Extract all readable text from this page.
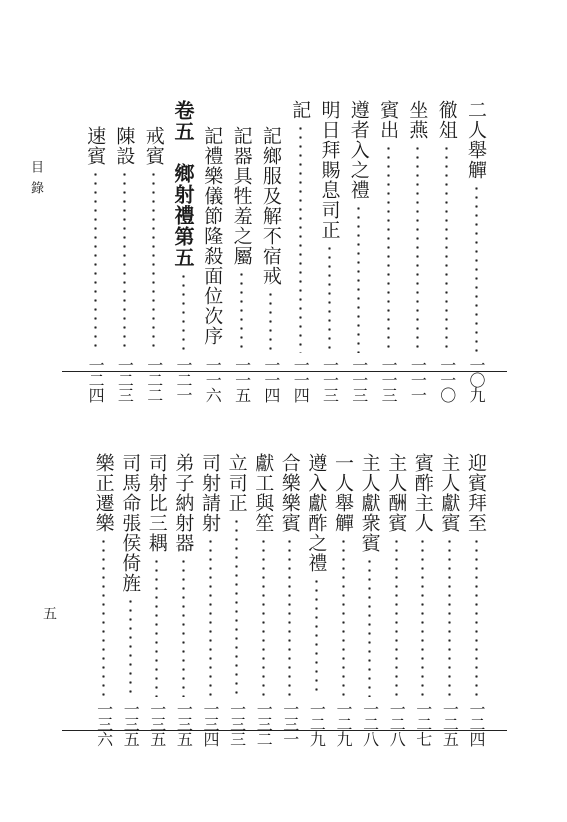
目錄
五
二人舉觶
一〇九
徹俎
一一〇
坐燕
一一一
賓出
一一三
遵者入之禮
一一三
明日拜賜息司正
一一三
記
一一四
記鄉服及解不宿戒
一一四
記器具牲羞之屬
一一五
記禮樂儀節隆殺面位次序
一一六
卷五　鄉射禮第五
一二一
戒賓
一二二
陳設
一二三
速賓
一二四
迎賓拜至
一二四
主人獻賓
一二五
賓酢主人
一二七
主人酬賓
一二八
主人獻衆賓
一二八
一人舉觶
一二九
遵入獻酢之禮
一二九
合樂樂賓
一三一
獻工與笙
一三二
立司正
一三三
司射請射
一三四
弟子納射器
一三五
司射比三耦
一三五
司馬命張侯倚旌
一三五
樂正遷樂
一三六
